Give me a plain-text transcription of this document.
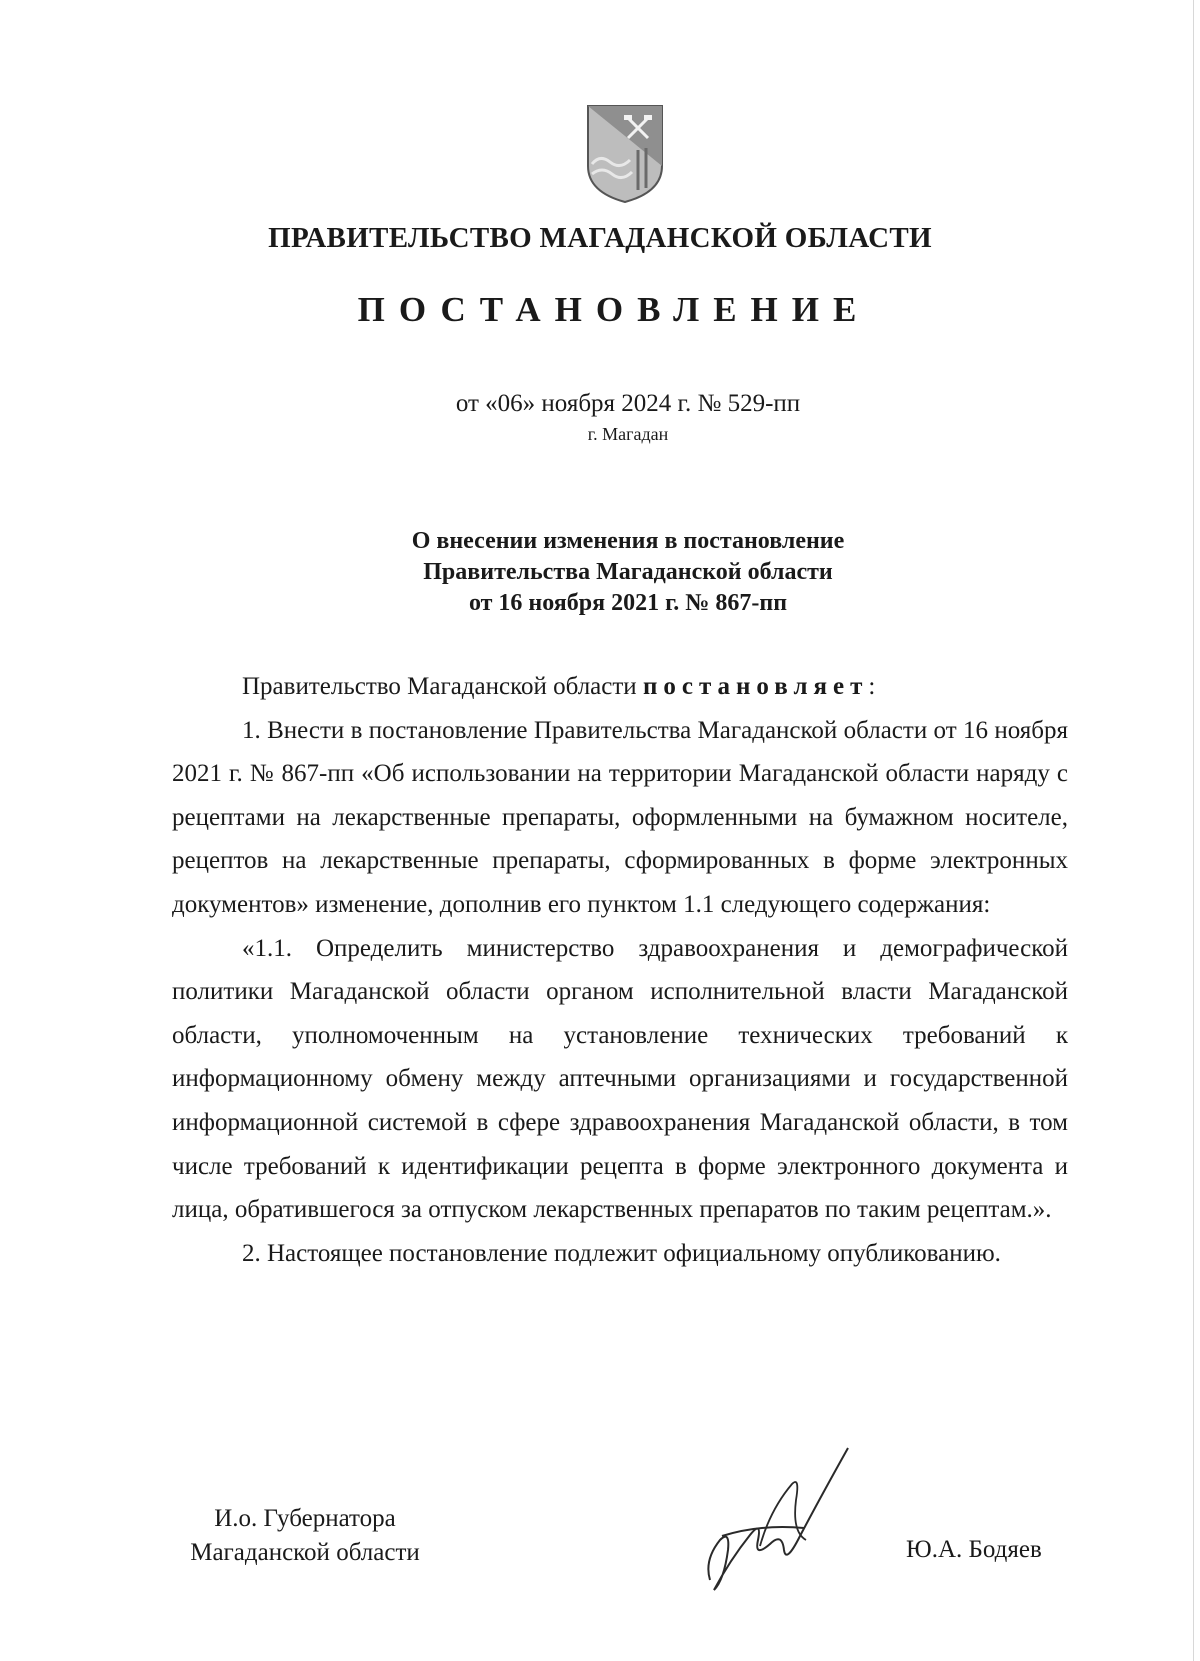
ПРАВИТЕЛЬСТВО МАГАДАНСКОЙ ОБЛАСТИ
ПОСТАНОВЛЕНИЕ
от «06» ноября 2024 г. № 529-пп
г. Магадан
О внесении изменения в постановление
Правительства Магаданской области
от 16 ноября 2021 г. № 867-пп

Правительство Магаданской области постановляет:

1. Внести в постановление Правительства Магаданской области от 16 ноября 2021 г. № 867-пп «Об использовании на территории Магаданской области наряду с рецептами на лекарственные препараты, оформленными на бумажном носителе, рецептов на лекарственные препараты, сформированных в форме электронных документов» изменение, дополнив его пунктом 1.1 следующего содержания:

«1.1. Определить министерство здравоохранения и демографической политики Магаданской области органом исполнительной власти Магаданской области, уполномоченным на установление технических требований к информационному обмену между аптечными организациями и государственной информационной системой в сфере здравоохранения Магаданской области, в том числе требований к идентификации рецепта в форме электронного документа и лица, обратившегося за отпуском лекарственных препаратов по таким рецептам.».

2. Настоящее постановление подлежит официальному опубликованию.

И.о. Губернатора
Магаданской области	Ю.А. Бодяев
